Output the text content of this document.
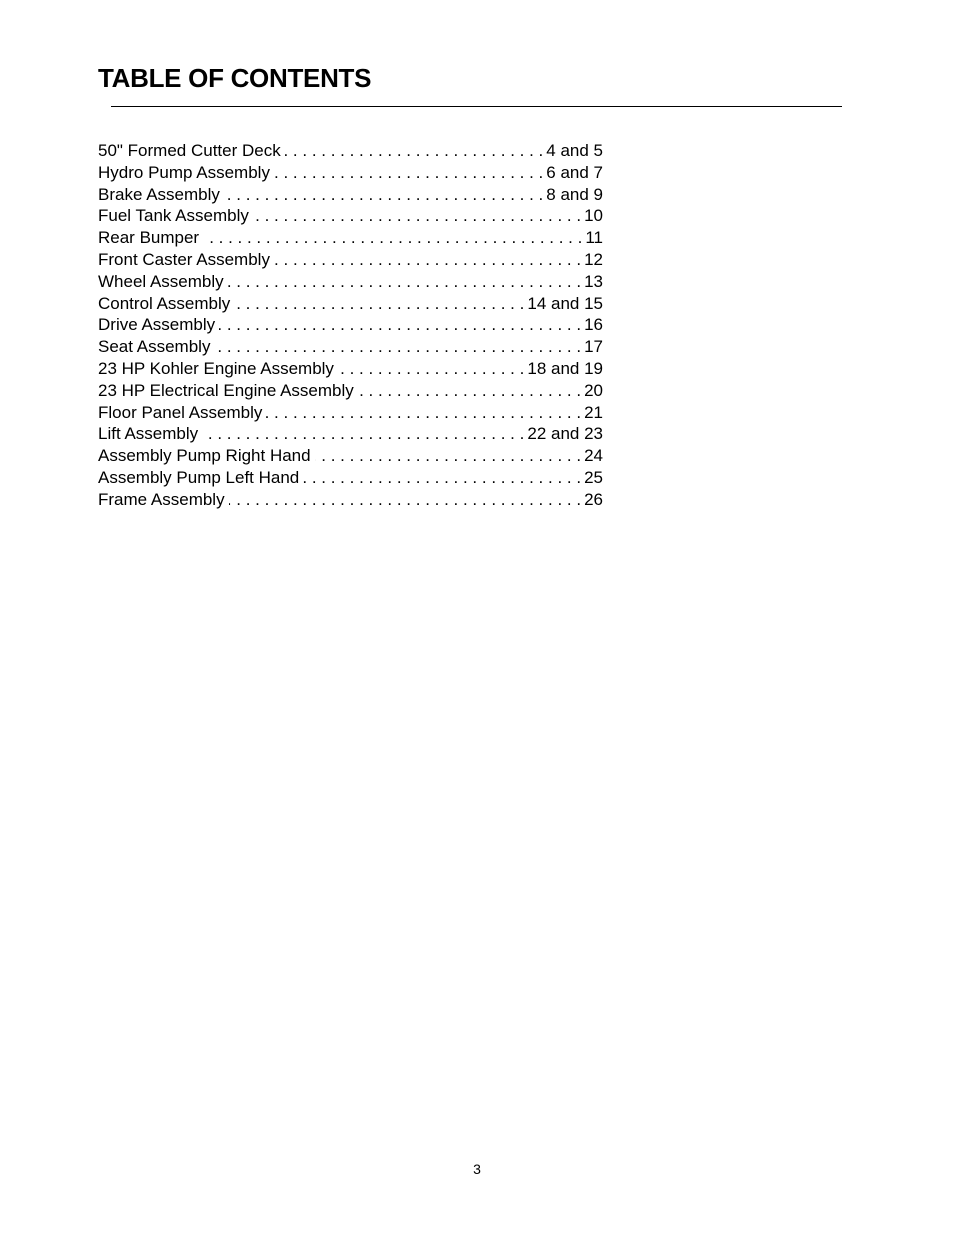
TABLE OF CONTENTS
50" Formed Cutter Deck . . .	4 and 5
Hydro Pump Assembly . . .	6 and 7
Brake Assembly . . .	8 and 9
Fuel Tank Assembly . . .	10
Rear Bumper . . .	11
Front Caster Assembly . . .	12
Wheel Assembly . . .	13
Control Assembly . . .	14 and 15
Drive Assembly . . .	16
Seat Assembly . . .	17
23 HP Kohler Engine Assembly . . .	18 and 19
23 HP Electrical Engine Assembly . . .	20
Floor Panel Assembly . . .	21
Lift Assembly . . .	22 and 23
Assembly Pump Right Hand . . .	24
Assembly Pump Left Hand . . .	25
Frame Assembly . . .	26
3
